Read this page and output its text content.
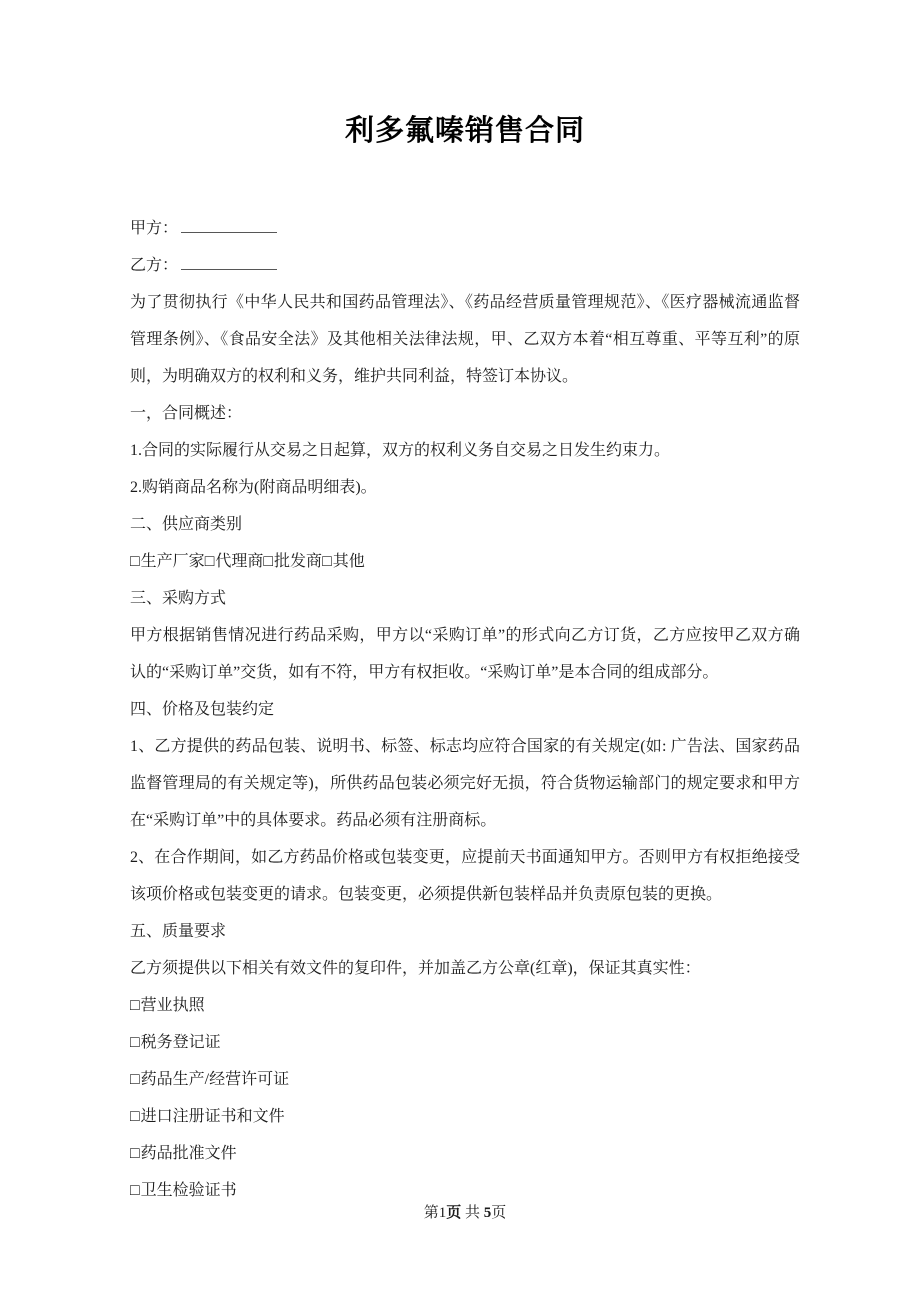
利多氟嗪销售合同

甲方：

乙方：

为了贯彻执行《中华人民共和国药品管理法》、《药品经营质量管理规范》、《医疗器械流通监督管理条例》、《食品安全法》及其他相关法律法规，甲、乙双方本着“相互尊重、平等互利”的原则，为明确双方的权利和义务，维护共同利益，特签订本协议。

一，合同概述：

1.合同的实际履行从交易之日起算，双方的权利义务自交易之日发生约束力。

2.购销商品名称为(附商品明细表)。

二、供应商类别

□生产厂家□代理商□批发商□其他

三、采购方式

甲方根据销售情况进行药品采购，甲方以“采购订单”的形式向乙方订货，乙方应按甲乙双方确认的“采购订单”交货，如有不符，甲方有权拒收。“采购订单”是本合同的组成部分。

四、价格及包装约定

1、乙方提供的药品包装、说明书、标签、标志均应符合国家的有关规定(如: 广告法、国家药品监督管理局的有关规定等)，所供药品包装必须完好无损，符合货物运输部门的规定要求和甲方在“采购订单”中的具体要求。药品必须有注册商标。

2、在合作期间，如乙方药品价格或包装变更，应提前天书面通知甲方。否则甲方有权拒绝接受该项价格或包装变更的请求。包装变更，必须提供新包装样品并负责原包装的更换。

五、质量要求

乙方须提供以下相关有效文件的复印件，并加盖乙方公章(红章)，保证其真实性：

□营业执照

□税务登记证

□药品生产/经营许可证

□进口注册证书和文件

□药品批准文件

□卫生检验证书

第1页 共 5页
